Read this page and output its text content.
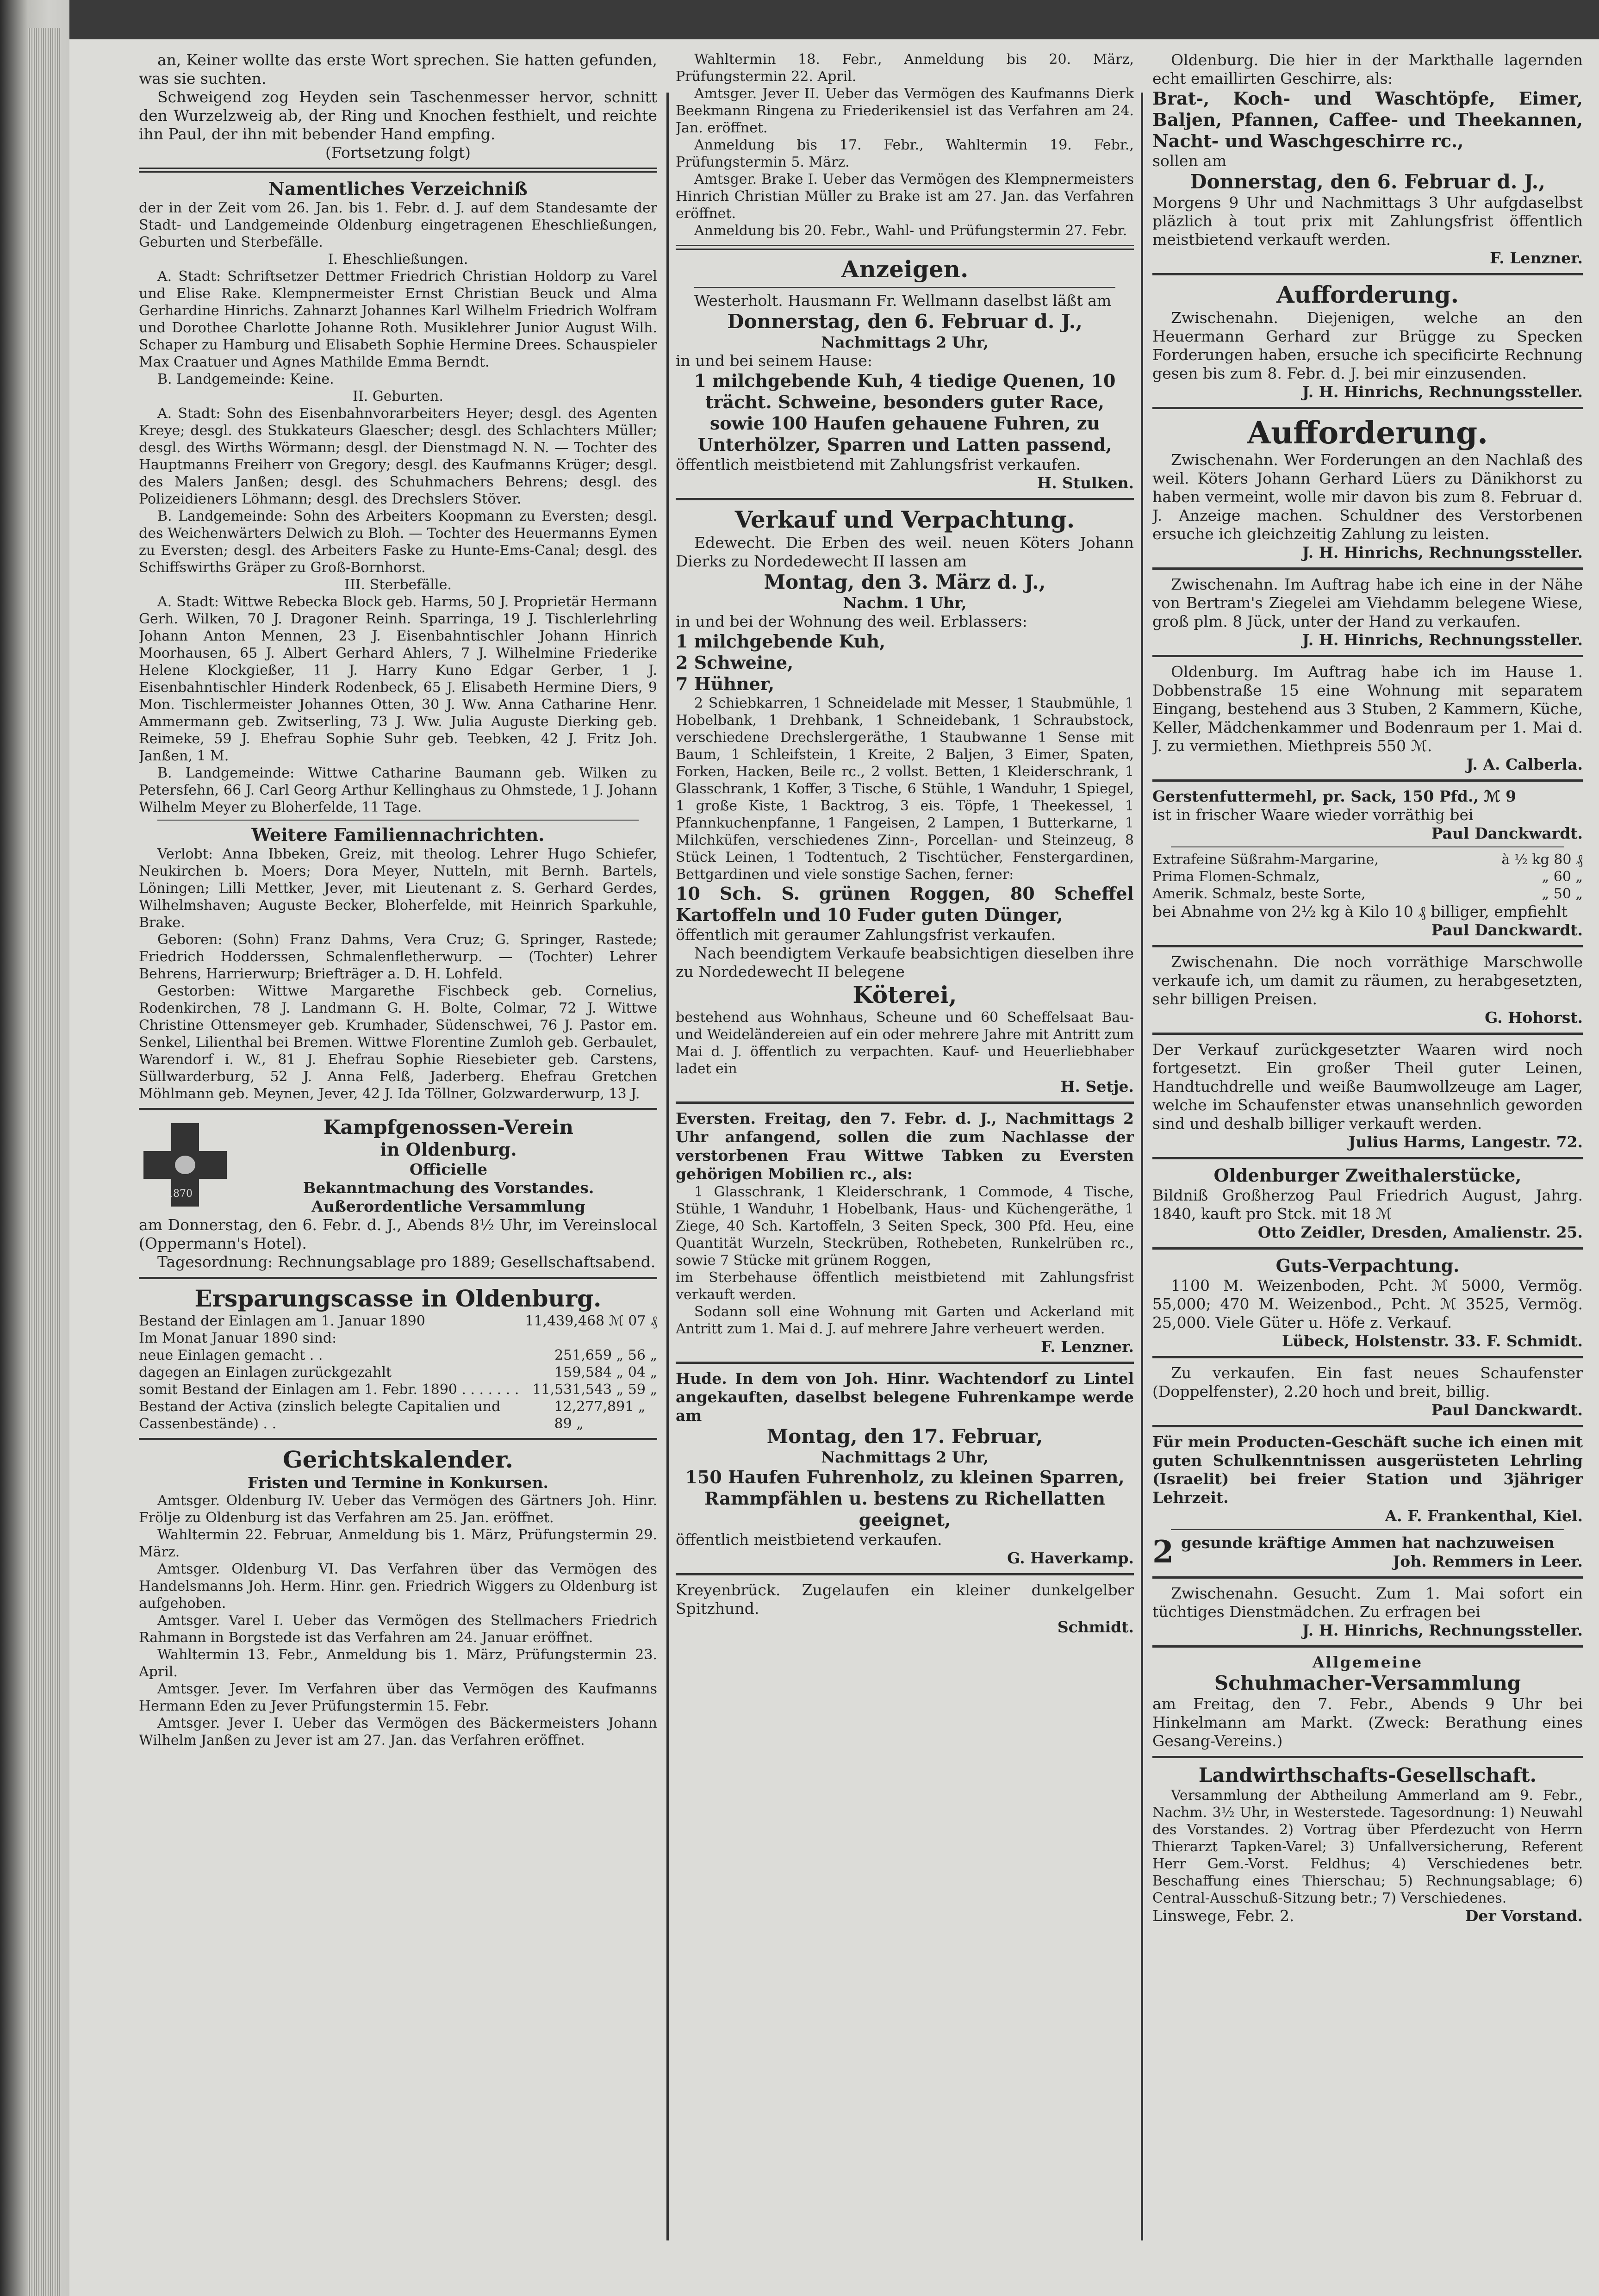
an, Keiner wollte das erste Wort sprechen. Sie hatten gefunden, was sie suchten.

Schweigend zog Heyden sein Taschenmesser hervor, schnitt den Wurzelzweig ab, der Ring und Knochen festhielt, und reichte ihn Paul, der ihn mit bebender Hand empfing.

(Fortsetzung folgt)

Namentliches Verzeichniß

der in der Zeit vom 26. Jan. bis 1. Febr. d. J. auf dem Standesamte der Stadt- und Landgemeinde Oldenburg eingetragenen Eheschließungen, Geburten und Sterbefälle.

I. Eheschließungen.

A. Stadt: Schriftsetzer Dettmer Friedrich Christian Holdorp zu Varel und Elise Rake. Klempnermeister Ernst Christian Beuck und Alma Gerhardine Hinrichs. Zahnarzt Johannes Karl Wilhelm Friedrich Wolfram und Dorothee Charlotte Johanne Roth. Musiklehrer Junior August Wilh. Schaper zu Hamburg und Elisabeth Sophie Hermine Drees. Schauspieler Max Craatuer und Agnes Mathilde Emma Berndt.

B. Landgemeinde: Keine.

II. Geburten.

A. Stadt: Sohn des Eisenbahnvorarbeiters Heyer; desgl. des Agenten Kreye; desgl. des Stukkateurs Glaescher; desgl. des Schlachters Müller; desgl. des Wirths Wörmann; desgl. der Dienstmagd N. N. — Tochter des Hauptmanns Freiherr von Gregory; desgl. des Kaufmanns Krüger; desgl. des Malers Janßen; desgl. des Schuhmachers Behrens; desgl. des Polizeidieners Löhmann; desgl. des Drechslers Stöver.

B. Landgemeinde: Sohn des Arbeiters Koopmann zu Eversten; desgl. des Weichenwärters Delwich zu Bloh. — Tochter des Heuermanns Eymen zu Eversten; desgl. des Arbeiters Faske zu Hunte-Ems-Canal; desgl. des Schiffswirths Gräper zu Groß-Bornhorst.

III. Sterbefälle.

A. Stadt: Wittwe Rebecka Block geb. Harms, 50 J. Proprietär Hermann Gerh. Wilken, 70 J. Dragoner Reinh. Sparringa, 19 J. Tischlerlehrling Johann Anton Mennen, 23 J. Eisenbahntischler Johann Hinrich Moorhausen, 65 J. Albert Gerhard Ahlers, 7 J. Wilhelmine Friederike Helene Klockgießer, 11 J. Harry Kuno Edgar Gerber, 1 J. Eisenbahntischler Hinderk Rodenbeck, 65 J. Elisabeth Hermine Diers, 9 Mon. Tischlermeister Johannes Otten, 30 J. Ww. Anna Catharine Henr. Ammermann geb. Zwitserling, 73 J. Ww. Julia Auguste Dierking geb. Reimeke, 59 J. Ehefrau Sophie Suhr geb. Teebken, 42 J. Fritz Joh. Janßen, 1 M.

B. Landgemeinde: Wittwe Catharine Baumann geb. Wilken zu Petersfehn, 66 J. Carl Georg Arthur Kellinghaus zu Ohmstede, 1 J. Johann Wilhelm Meyer zu Bloherfelde, 11 Tage.

Weitere Familiennachrichten.

Verlobt: Anna Ibbeken, Greiz, mit theolog. Lehrer Hugo Schiefer, Neukirchen b. Moers; Dora Meyer, Nutteln, mit Bernh. Bartels, Löningen; Lilli Mettker, Jever, mit Lieutenant z. S. Gerhard Gerdes, Wilhelmshaven; Auguste Becker, Bloherfelde, mit Heinrich Sparkuhle, Brake.

Geboren: (Sohn) Franz Dahms, Vera Cruz; G. Springer, Rastede; Friedrich Hodderssen, Schmalenfletherwurp. — (Tochter) Lehrer Behrens, Harrierwurp; Briefträger a. D. H. Lohfeld.

Gestorben: Wittwe Margarethe Fischbeck geb. Cornelius, Rodenkirchen, 78 J. Landmann G. H. Bolte, Colmar, 72 J. Wittwe Christine Ottensmeyer geb. Krumhader, Südenschwei, 76 J. Pastor em. Senkel, Lilienthal bei Bremen. Wittwe Florentine Zumloh geb. Gerbaulet, Warendorf i. W., 81 J. Ehefrau Sophie Riesebieter geb. Carstens, Süllwarderburg, 52 J. Anna Felß, Jaderberg. Ehefrau Gretchen Möhlmann geb. Meynen, Jever, 42 J. Ida Töllner, Golzwarderwurp, 13 J.

1870
Kampfgenossen-Verein
in Oldenburg.

Officielle

Bekanntmachung des Vorstandes.

Außerordentliche Versammlung

am Donnerstag, den 6. Febr. d. J., Abends 8½ Uhr, im Vereinslocal (Oppermann's Hotel).

Tagesordnung: Rechnungsablage pro 1889; Gesellschaftsabend.

Ersparungscasse in Oldenburg.
Bestand der Einlagen am 1. Januar 1890	11,439,468 ℳ 07 ₰
Im Monat Januar 1890 sind:
neue Einlagen gemacht . .	251,659 „ 56 „
dagegen an Einlagen zurückgezahlt	159,584 „ 04 „
somit Bestand der Einlagen am 1. Febr. 1890 . . . . . . . 11,531,543 „ 59 „
Bestand der Activa (zinslich belegte Capitalien und Cassenbestände) . .
12,277,891 „ 89 „
Gerichtskalender.

Fristen und Termine in Konkursen.

Amtsger. Oldenburg IV. Ueber das Vermögen des Gärtners Joh. Hinr. Frölje zu Oldenburg ist das Verfahren am 25. Jan. eröffnet.

Wahltermin 22. Februar, Anmeldung bis 1. März, Prüfungstermin 29. März.

Amtsger. Oldenburg VI. Das Verfahren über das Vermögen des Handelsmanns Joh. Herm. Hinr. gen. Friedrich Wiggers zu Oldenburg ist aufgehoben.

Amtsger. Varel I. Ueber das Vermögen des Stellmachers Friedrich Rahmann in Borgstede ist das Verfahren am 24. Januar eröffnet.

Wahltermin 13. Febr., Anmeldung bis 1. März, Prüfungstermin 23. April.

Amtsger. Jever. Im Verfahren über das Vermögen des Kaufmanns Hermann Eden zu Jever Prüfungstermin 15. Febr.

Amtsger. Jever I. Ueber das Vermögen des Bäckermeisters Johann Wilhelm Janßen zu Jever ist am 27. Jan. das Verfahren eröffnet.

Wahltermin 18. Febr., Anmeldung bis 20. März, Prüfungstermin 22. April.

Amtsger. Jever II. Ueber das Vermögen des Kaufmanns Dierk Beekmann Ringena zu Friederikensiel ist das Verfahren am 24. Jan. eröffnet.

Anmeldung bis 17. Febr., Wahltermin 19. Febr., Prüfungstermin 5. März.

Amtsger. Brake I. Ueber das Vermögen des Klempnermeisters Hinrich Christian Müller zu Brake ist am 27. Jan. das Verfahren eröffnet.

Anmeldung bis 20. Febr., Wahl- und Prüfungstermin 27. Febr.

Anzeigen.

Westerholt. Hausmann Fr. Wellmann daselbst läßt am

Donnerstag, den 6. Februar d. J.,

Nachmittags 2 Uhr,

in und bei seinem Hause:

1 milchgebende Kuh, 4 tiedige Quenen, 10 trächt. Schweine, besonders guter Race, sowie 100 Haufen gehauene Fuhren, zu Unterhölzer, Sparren und Latten passend,

öffentlich meistbietend mit Zahlungsfrist verkaufen.

H. Stulken.

Verkauf und Verpachtung.

Edewecht. Die Erben des weil. neuen Köters Johann Dierks zu Nordedewecht II lassen am

Montag, den 3. März d. J.,

Nachm. 1 Uhr,

in und bei der Wohnung des weil. Erblassers:

1 milchgebende Kuh,
2 Schweine,
7 Hühner,

2 Schiebkarren, 1 Schneidelade mit Messer, 1 Staubmühle, 1 Hobelbank, 1 Drehbank, 1 Schneidebank, 1 Schraubstock, verschiedene Drechslergeräthe, 1 Staubwanne 1 Sense mit Baum, 1 Schleifstein, 1 Kreite, 2 Baljen, 3 Eimer, Spaten, Forken, Hacken, Beile rc., 2 vollst. Betten, 1 Kleiderschrank, 1 Glasschrank, 1 Koffer, 3 Tische, 6 Stühle, 1 Wanduhr, 1 Spiegel, 1 große Kiste, 1 Backtrog, 3 eis. Töpfe, 1 Theekessel, 1 Pfannkuchenpfanne, 1 Fangeisen, 2 Lampen, 1 Butterkarne, 1 Milchküfen, verschiedenes Zinn-, Porcellan- und Steinzeug, 8 Stück Leinen, 1 Todtentuch, 2 Tischtücher, Fenstergardinen, Bettgardinen und viele sonstige Sachen, ferner:

10 Sch. S. grünen Roggen, 80 Scheffel Kartoffeln und 10 Fuder guten Dünger,

öffentlich mit geraumer Zahlungsfrist verkaufen.

Nach beendigtem Verkaufe beabsichtigen dieselben ihre zu Nordedewecht II belegene

Köterei,

bestehend aus Wohnhaus, Scheune und 60 Scheffelsaat Bau- und Weideländereien auf ein oder mehrere Jahre mit Antritt zum Mai d. J. öffentlich zu verpachten. Kauf- und Heuerliebhaber ladet ein

H. Setje.

Eversten. Freitag, den 7. Febr. d. J., Nachmittags 2 Uhr anfangend, sollen die zum Nachlasse der verstorbenen Frau Wittwe Tabken zu Eversten gehörigen Mobilien rc., als:

1 Glasschrank, 1 Kleiderschrank, 1 Commode, 4 Tische, Stühle, 1 Wanduhr, 1 Hobelbank, Haus- und Küchengeräthe, 1 Ziege, 40 Sch. Kartoffeln, 3 Seiten Speck, 300 Pfd. Heu, eine Quantität Wurzeln, Steckrüben, Rothebeten, Runkelrüben rc., sowie 7 Stücke mit grünem Roggen,

im Sterbehause öffentlich meistbietend mit Zahlungsfrist verkauft werden.

Sodann soll eine Wohnung mit Garten und Ackerland mit Antritt zum 1. Mai d. J. auf mehrere Jahre verheuert werden.

F. Lenzner.

Hude. In dem von Joh. Hinr. Wachtendorf zu Lintel angekauften, daselbst belegene Fuhrenkampe werde am

Montag, den 17. Februar,

Nachmittags 2 Uhr,

150 Haufen Fuhrenholz, zu kleinen Sparren, Rammpfählen u. bestens zu Richellatten geeignet,

öffentlich meistbietend verkaufen.

G. Haverkamp.

Kreyenbrück. Zugelaufen ein kleiner dunkelgelber Spitzhund.

Schmidt.

Oldenburg. Die hier in der Markthalle lagernden echt emaillirten Geschirre, als:

Brat-, Koch- und Waschtöpfe, Eimer, Baljen, Pfannen, Caffee- und Theekannen, Nacht- und Waschgeschirre rc.,

sollen am

Donnerstag, den 6. Februar d. J.,

Morgens 9 Uhr und Nachmittags 3 Uhr aufgdaselbst pläzlich à tout prix mit Zahlungsfrist öffentlich meistbietend verkauft werden.

F. Lenzner.

Aufforderung.

Zwischenahn. Diejenigen, welche an den Heuermann Gerhard zur Brügge zu Specken Forderungen haben, ersuche ich specificirte Rechnung gesen bis zum 8. Febr. d. J. bei mir einzusenden.

J. H. Hinrichs, Rechnungssteller.

Aufforderung.

Zwischenahn. Wer Forderungen an den Nachlaß des weil. Köters Johann Gerhard Lüers zu Dänikhorst zu haben vermeint, wolle mir davon bis zum 8. Februar d. J. Anzeige machen. Schuldner des Verstorbenen ersuche ich gleichzeitig Zahlung zu leisten.

J. H. Hinrichs, Rechnungssteller.

Zwischenahn. Im Auftrag habe ich eine in der Nähe von Bertram's Ziegelei am Viehdamm belegene Wiese, groß plm. 8 Jück, unter der Hand zu verkaufen.

J. H. Hinrichs, Rechnungssteller.

Oldenburg. Im Auftrag habe ich im Hause 1. Dobbenstraße 15 eine Wohnung mit separatem Eingang, bestehend aus 3 Stuben, 2 Kammern, Küche, Keller, Mädchenkammer und Bodenraum per 1. Mai d. J. zu vermiethen. Miethpreis 550 ℳ.

J. A. Calberla.

Gerstenfuttermehl, pr. Sack, 150 Pfd., ℳ 9

ist in frischer Waare wieder vorräthig bei

Paul Danckwardt.

Extrafeine Süßrahm-Margarine,	à ½ kg 80 ₰
Prima Flomen-Schmalz,	„ 60 „
Amerik. Schmalz, beste Sorte,	„ 50 „

bei Abnahme von 2½ kg à Kilo 10 ₰ billiger, empfiehlt

Paul Danckwardt.

Zwischenahn. Die noch vorräthige Marschwolle verkaufe ich, um damit zu räumen, zu herabgesetzten, sehr billigen Preisen.

G. Hohorst.

Der Verkauf zurückgesetzter Waaren wird noch fortgesetzt. Ein großer Theil guter Leinen, Handtuchdrelle und weiße Baumwollzeuge am Lager, welche im Schaufenster etwas unansehnlich geworden sind und deshalb billiger verkauft werden.

Julius Harms, Langestr. 72.

Oldenburger Zweithalerstücke,

Bildniß Großherzog Paul Friedrich August, Jahrg. 1840, kauft pro Stck. mit 18 ℳ

Otto Zeidler, Dresden, Amalienstr. 25.

Guts-Verpachtung.

1100 M. Weizenboden, Pcht. ℳ 5000, Vermög. 55,000; 470 M. Weizenbod., Pcht. ℳ 3525, Vermög. 25,000. Viele Güter u. Höfe z. Verkauf.

Lübeck, Holstenstr. 33. F. Schmidt.

Zu verkaufen. Ein fast neues Schaufenster (Doppelfenster), 2.20 hoch und breit, billig.

Paul Danckwardt.

Für mein Producten-Geschäft suche ich einen mit guten Schulkenntnissen ausgerüsteten Lehrling (Israelit) bei freier Station und 3jähriger Lehrzeit.

A. F. Frankenthal, Kiel.

2 gesunde kräftige Ammen hat nachzuweisen

Joh. Remmers in Leer.

Zwischenahn. Gesucht. Zum 1. Mai sofort ein tüchtiges Dienstmädchen. Zu erfragen bei

J. H. Hinrichs, Rechnungssteller.

Allgemeine

Schuhmacher-Versammlung

am Freitag, den 7. Febr., Abends 9 Uhr bei Hinkelmann am Markt. (Zweck: Berathung eines Gesang-Vereins.)

Landwirthschafts-Gesellschaft.

Versammlung der Abtheilung Ammerland am 9. Febr., Nachm. 3½ Uhr, in Westerstede. Tagesordnung: 1) Neuwahl des Vorstandes. 2) Vortrag über Pferdezucht von Herrn Thierarzt Tapken-Varel; 3) Unfallversicherung, Referent Herr Gem.-Vorst. Feldhus; 4) Verschiedenes betr. Beschaffung eines Thierschau; 5) Rechnungsablage; 6) Central-Ausschuß-Sitzung betr.; 7) Verschiedenes.

Linswege, Febr. 2.	Der Vorstand.
